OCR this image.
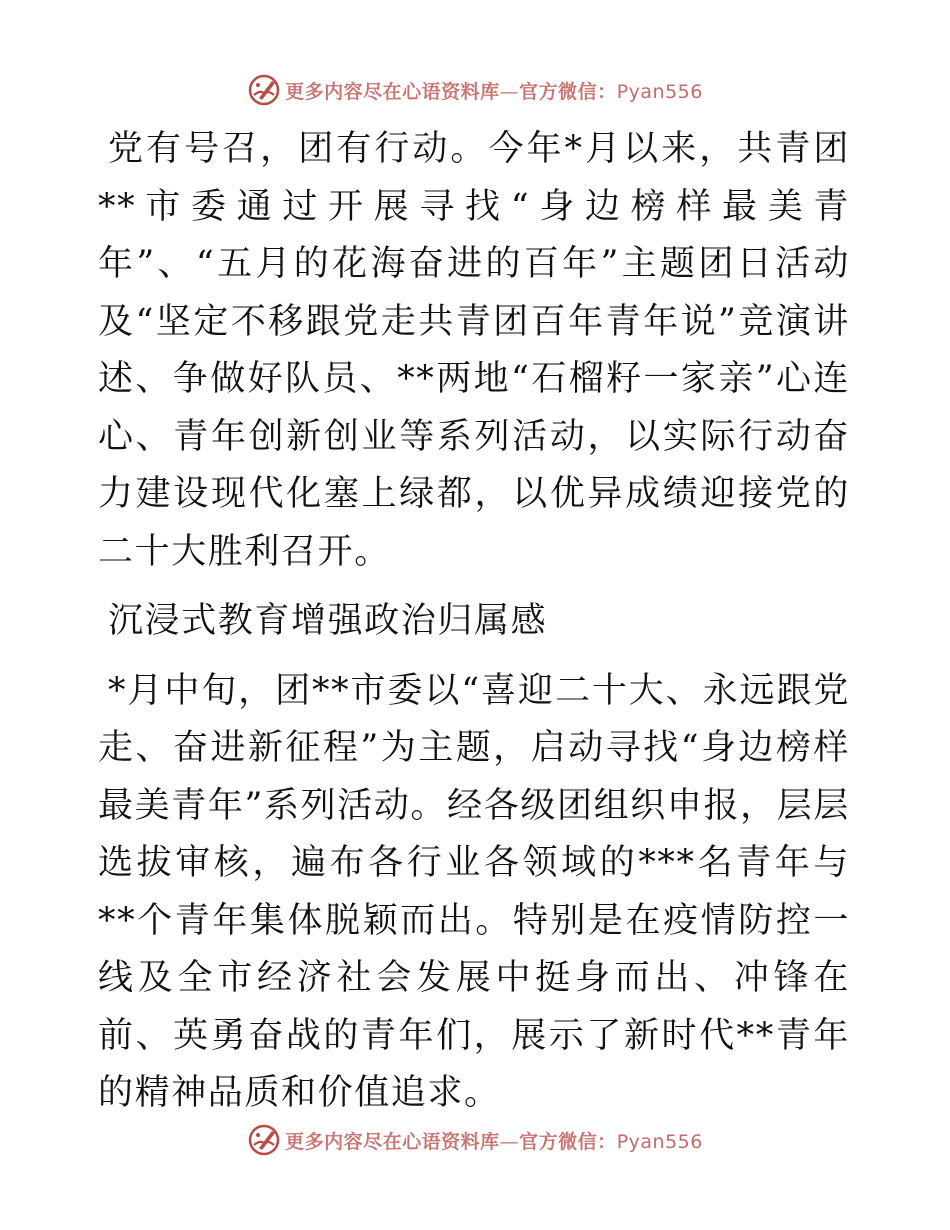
更多内容尽在心语资料库—官方微信：Pyan556

党有号召，团有行动。今年*月以来，共青团**市委通过开展寻找“身边榜样最美青年”、“五月的花海奋进的百年”主题团日活动及“坚定不移跟党走共青团百年青年说”竞演讲述、争做好队员、**两地“石榴籽一家亲”心连心、青年创新创业等系列活动，以实际行动奋力建设现代化塞上绿都，以优异成绩迎接党的二十大胜利召开。

沉浸式教育增强政治归属感

*月中旬，团**市委以“喜迎二十大、永远跟党走、奋进新征程”为主题，启动寻找“身边榜样最美青年”系列活动。经各级团组织申报，层层选拔审核，遍布各行业各领域的***名青年与**个青年集体脱颖而出。特别是在疫情防控一线及全市经济社会发展中挺身而出、冲锋在前、英勇奋战的青年们，展示了新时代**青年的精神品质和价值追求。

更多内容尽在心语资料库—官方微信：Pyan556
